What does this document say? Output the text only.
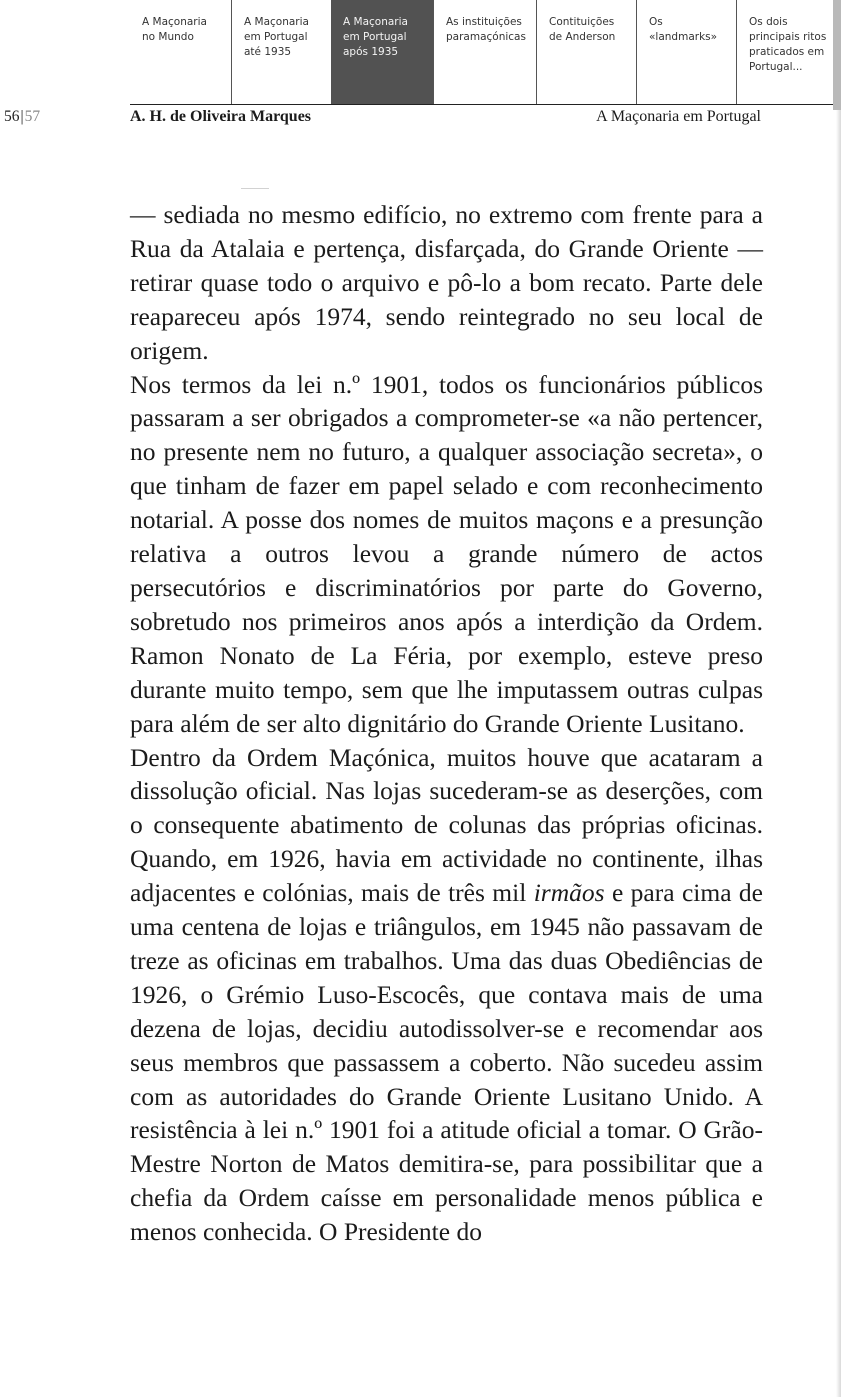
A Maçonaria
no Mundo
A Maçonaria
em Portugal
até 1935
A Maçonaria
em Portugal
após 1935
As instituições
paramaçónicas
Contituições
de Anderson
Os
«landmarks»
Os dois
principais ritos
praticados em
Portugal...
56|57	A. H. de Oliveira Marques	A Maçonaria em Portugal

— sediada no mesmo edifício, no extremo com frente para a Rua da Atalaia e pertença, disfarçada, do Grande Oriente — retirar quase todo o arquivo e pô-lo a bom recato. Parte dele reapareceu após 1974, sendo reintegrado no seu local de origem.

Nos termos da lei n.º 1901, todos os funcionários públicos passaram a ser obrigados a comprometer-se «a não pertencer, no presente nem no futuro, a qualquer associação secreta», o que tinham de fazer em papel selado e com reconhecimento notarial. A posse dos nomes de muitos maçons e a presunção relativa a outros levou a grande número de actos persecutórios e discriminatórios por parte do Governo, sobretudo nos primeiros anos após a interdição da Ordem. Ramon Nonato de La Féria, por exemplo, esteve preso durante muito tempo, sem que lhe imputassem outras culpas para além de ser alto dignitário do Grande Oriente Lusitano.

Dentro da Ordem Maçónica, muitos houve que acataram a dissolução oficial. Nas lojas sucederam-se as deserções, com o consequente abatimento de colunas das próprias oficinas. Quando, em 1926, havia em actividade no continente, ilhas adjacentes e colónias, mais de três mil irmãos e para cima de uma centena de lojas e triângulos, em 1945 não passavam de treze as oficinas em trabalhos. Uma das duas Obediências de 1926, o Grémio Luso-Escocês, que contava mais de uma dezena de lojas, decidiu autodissolver-se e recomendar aos seus membros que passassem a coberto. Não sucedeu assim com as autoridades do Grande Oriente Lusitano Unido. A resistência à lei n.º 1901 foi a atitude oficial a tomar. O Grão-Mestre Norton de Matos demitira-se, para possibilitar que a chefia da Ordem caísse em personalidade menos pública e menos conhecida. O Presidente do
